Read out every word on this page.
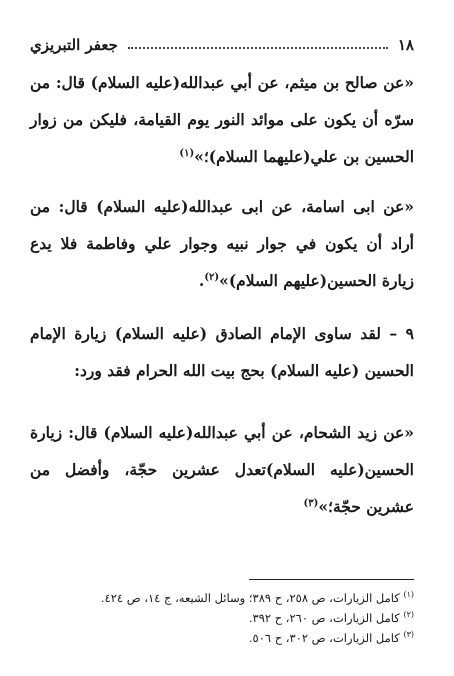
١٨
جعفر التبريزي

«عن صالح بن ميثم، عن أبي عبدالله(عليه السلام) قال: من سرّه أن يكون على موائد النور يوم القيامة، فليكن من زوار الحسين بن علي(عليهما السلام)؛»$^{(١)}$

«عن ابى اسامة، عن ابى عبدالله(عليه السلام) قال: من أراد أن يكون في جوار نبيه وجوار علي وفاطمة فلا يدع زيارة الحسين(عليهم السلام)»$^{(٢)}$.

٩ – لقد ساوى الإمام الصادق (عليه السلام) زيارة الإمام الحسين (عليه السلام) بحج بيت الله الحرام فقد ورد:

«عن زيد الشحام، عن أبي عبدالله(عليه السلام) قال: زيارة الحسين(عليه السلام)تعدل عشرين حجّة، وأفضل من عشرين حجّة؛»$^{(٣)}$

$^{(١)}$ كامل الزيارات، ص ٢٥٨، ح ٣٨٩؛ وسائل الشيعه، ج ١٤، ص ٤٢٤.
$^{(٢)}$ كامل الزيارات، ص ٢٦٠، ح ٣٩٢.
$^{(٣)}$ كامل الزيارات، ص ٣٠٢، ح ٥٠٦.
